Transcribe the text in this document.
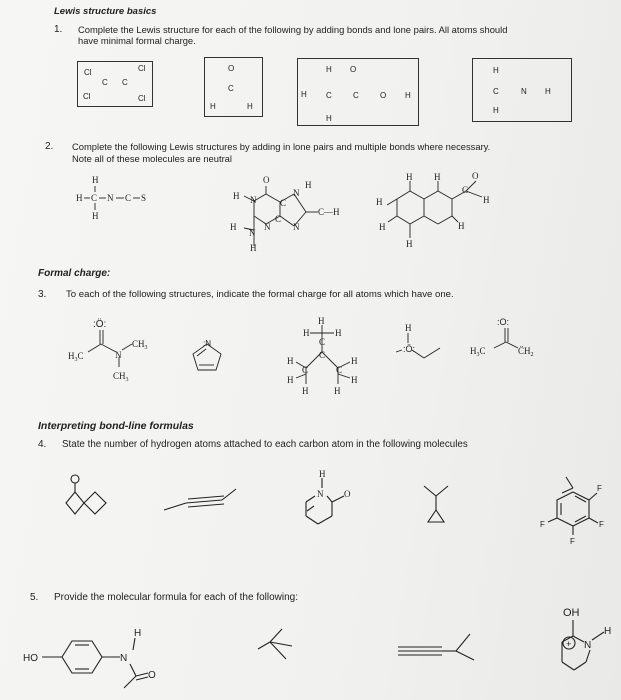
Lewis structure basics
1. Complete the Lewis structure for each of the following by adding bonds and lone pairs. All atoms should
have minimal formal charge.
Cl
C C
Cl
Cl	Cl
O
C
H	H
H O
H C	C	O H
H
H
C	N H
H
2. Complete the following Lewis structures by adding in lone pairs and multiple bonds where necessary.
Note all of these molecules are neutral
H
H C N C S
H
O	H
H N	C
N
C—H
C
N
N
H
N
H
H H	O
H
C
H
H	H
H
Formal charge:
3. To each of the following structures, indicate the formal charge for all atoms which have one.
:Ö:
$H_3C$	N
$CH_3$
$CH_3$
:N
H
H	H
C
C
H	H
C	C
H	H
H	H
H
:Ö:
:O:
$H_3C$	$C̈H_2$
Interpreting bond-line formulas
4. State the number of hydrogen atoms attached to each carbon atom in the following molecules
H
N O
F
F
F
F
5. Provide the molecular formula for each of the following:
HO	N
H
O
OH
+ N
H
